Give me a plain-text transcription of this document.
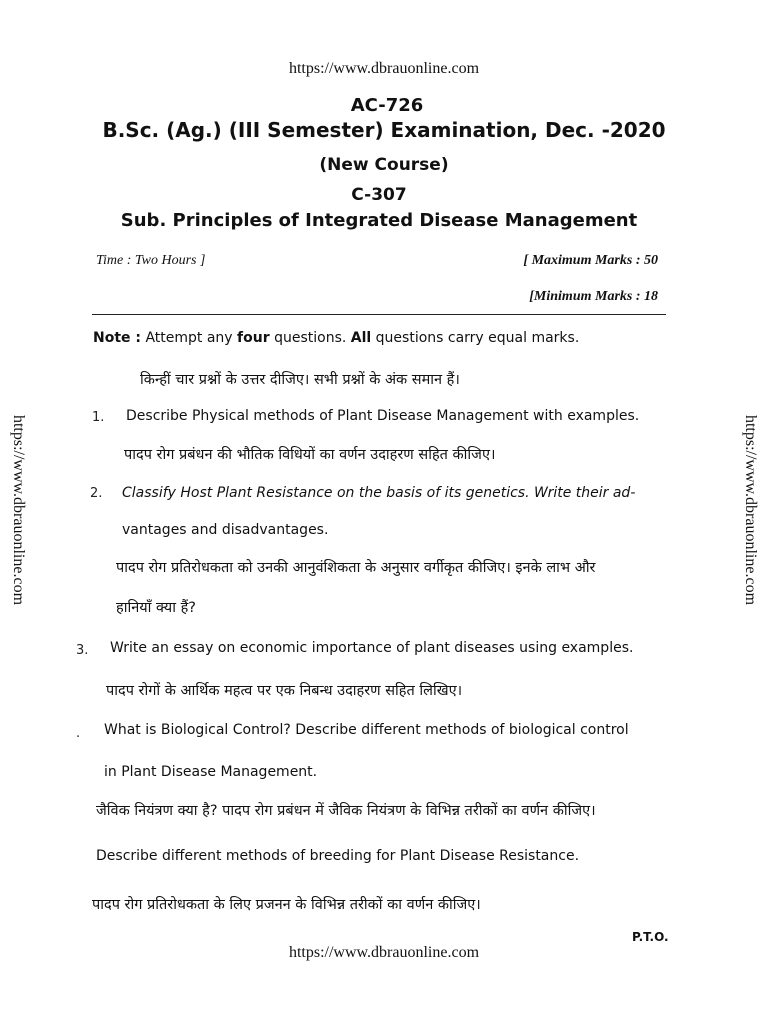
https://www.dbrauonline.com
https://www.dbrauonline.com	https://www.dbrauonline.com
AC-726
B.Sc. (Ag.) (III Semester) Examination, Dec. -2020
(New Course)
C-307
Sub. Principles of Integrated Disease Management
Time : Two Hours ]	[ Maximum Marks : 50
[Minimum Marks : 18
Note : Attempt any four questions. All questions carry equal marks.
किन्हीं चार प्रश्नों के उत्तर दीजिए। सभी प्रश्नों के अंक समान हैं।
1. Describe Physical methods of Plant Disease Management with examples.
पादप रोग प्रबंधन की भौतिक विधियों का वर्णन उदाहरण सहित कीजिए।
2. Classify Host Plant Resistance on the basis of its genetics. Write their ad-
vantages and disadvantages.
पादप रोग प्रतिरोधकता को उनकी आनुवंशिकता के अनुसार वर्गीकृत कीजिए। इनके लाभ और
हानियाँ क्या हैं?
3. Write an essay on economic importance of plant diseases using examples.
पादप रोगों के आर्थिक महत्व पर एक निबन्ध उदाहरण सहित लिखिए।
. What is Biological Control? Describe different methods of biological control
in Plant Disease Management.
जैविक नियंत्रण क्या है? पादप रोग प्रबंधन में जैविक नियंत्रण के विभिन्न तरीकों का वर्णन कीजिए।
Describe different methods of breeding for Plant Disease Resistance.
पादप रोग प्रतिरोधकता के लिए प्रजनन के विभिन्न तरीकों का वर्णन कीजिए।
P.T.O.
https://www.dbrauonline.com
